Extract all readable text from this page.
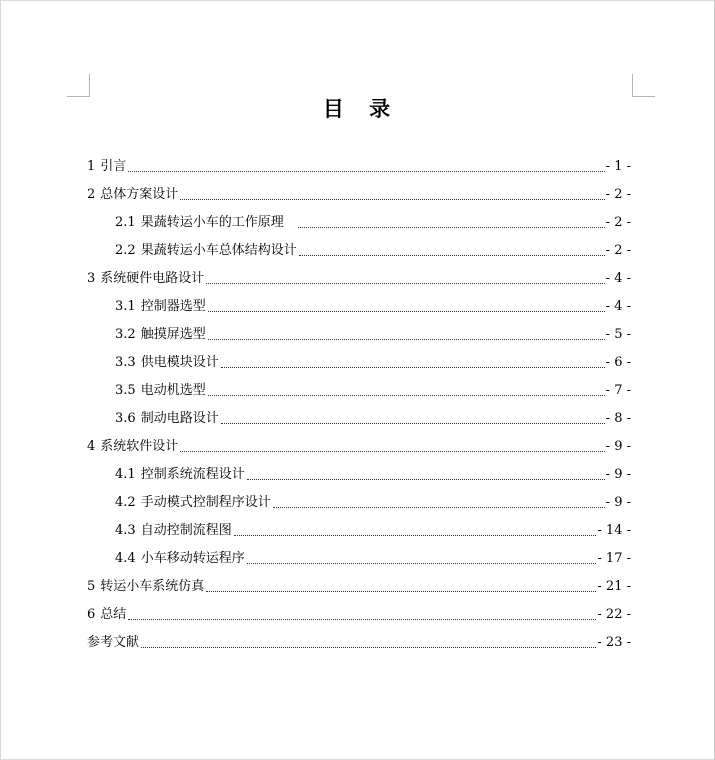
目 录
1 引言	- 1 -
2 总体方案设计	- 2 -
2.1 果蔬转运小车的工作原理	- 2 -
2.2 果蔬转运小车总体结构设计	- 2 -
3 系统硬件电路设计	- 4 -
3.1 控制器选型	- 4 -
3.2 触摸屏选型	- 5 -
3.3 供电模块设计	- 6 -
3.5 电动机选型	- 7 -
3.6 制动电路设计	- 8 -
4 系统软件设计	- 9 -
4.1 控制系统流程设计	- 9 -
4.2 手动模式控制程序设计	- 9 -
4.3 自动控制流程图	- 14 -
4.4 小车移动转运程序	- 17 -
5 转运小车系统仿真	- 21 -
6 总结	- 22 -
参考文献	- 23 -
